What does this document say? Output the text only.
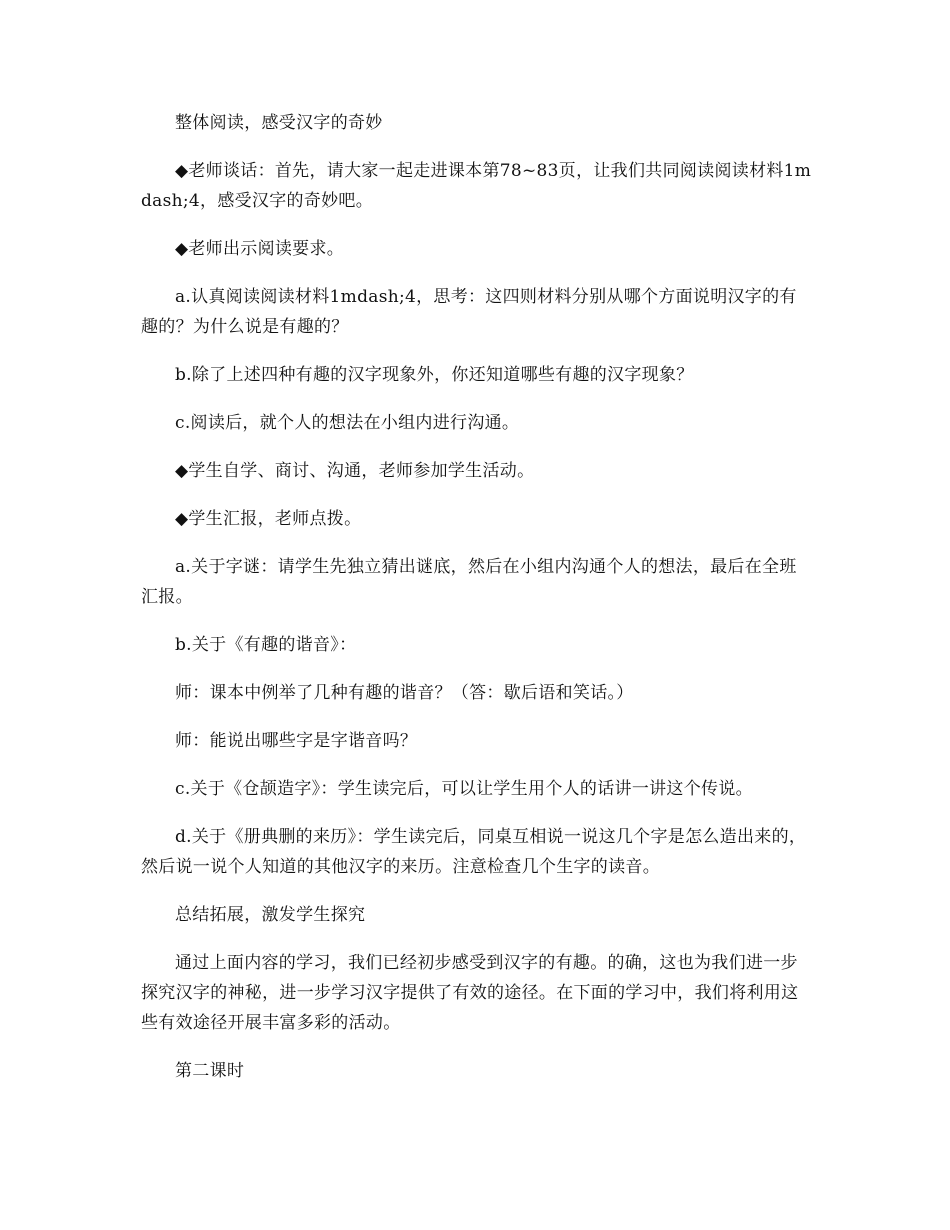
整体阅读，感受汉字的奇妙

◆老师谈话：首先，请大家一起走进课本第78~83页，让我们共同阅读阅读材料1mdash;4，感受汉字的奇妙吧。

◆老师出示阅读要求。

a.认真阅读阅读材料1mdash;4，思考：这四则材料分别从哪个方面说明汉字的有趣的？为什么说是有趣的？

b.除了上述四种有趣的汉字现象外，你还知道哪些有趣的汉字现象？

c.阅读后，就个人的想法在小组内进行沟通。

◆学生自学、商讨、沟通，老师参加学生活动。

◆学生汇报，老师点拨。

a.关于字谜：请学生先独立猜出谜底，然后在小组内沟通个人的想法，最后在全班汇报。

b.关于《有趣的谐音》：

师：课本中例举了几种有趣的谐音？（答：歇后语和笑话。）

师：能说出哪些字是字谐音吗？

c.关于《仓颉造字》：学生读完后，可以让学生用个人的话讲一讲这个传说。

d.关于《册典删的来历》：学生读完后，同桌互相说一说这几个字是怎么造出来的，然后说一说个人知道的其他汉字的来历。注意检查几个生字的读音。

总结拓展，激发学生探究

通过上面内容的学习，我们已经初步感受到汉字的有趣。的确，这也为我们进一步探究汉字的神秘，进一步学习汉字提供了有效的途径。在下面的学习中，我们将利用这些有效途径开展丰富多彩的活动。

第二课时
